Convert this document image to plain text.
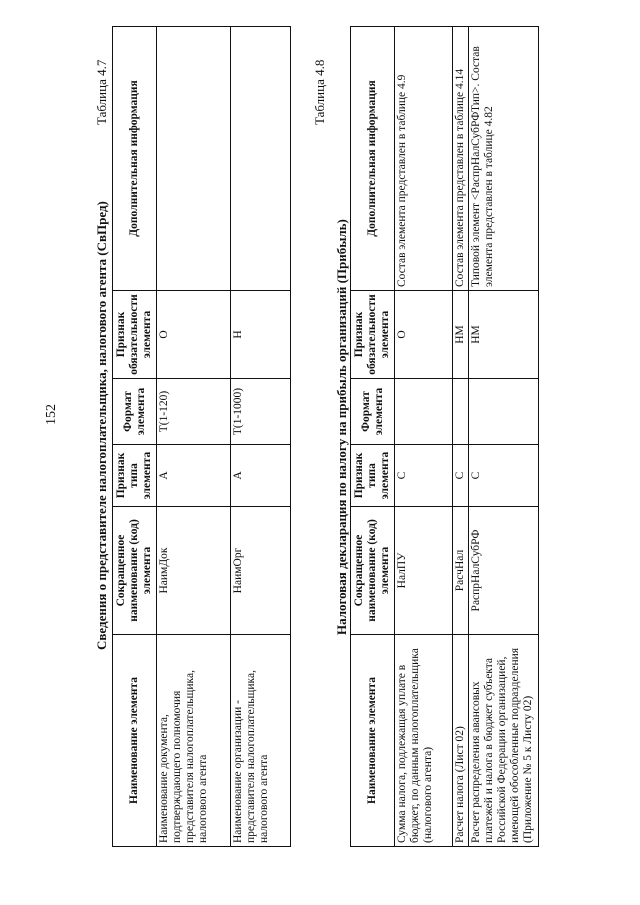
152
Таблица 4.7
Сведения о представителе налогоплательщика, налогового агента (СвПред)
Наименование элемента	Сокращенное наименование (код) элемента	Признак типа элемента	Формат элемента	Признак обязательности элемента	Дополнительная информация
Наименование документа, подтверждающего полномочия представителя налогоплательщика, налогового агента	НаимДок	А	Т(1-120)	О	
Наименование организации - представителя налогоплательщика, налогового агента	НаимОрг	А	Т(1-1000)	Н	
Таблица 4.8
Налоговая декларация по налогу на прибыль организаций (Прибыль)
Наименование элемента	Сокращенное наименование (код) элемента	Признак типа элемента	Формат элемента	Признак обязательности элемента	Дополнительная информация
Сумма налога, подлежащая уплате в бюджет, по данным налогоплательщика (налогового агента)	НалПУ	С		О	Состав элемента представлен в таблице 4.9
Расчет налога (Лист 02)	РасчНал	С		НМ	Состав элемента представлен в таблице 4.14
Расчет распределения авансовых платежей и налога в бюджет субъекта Российской Федерации организацией, имеющей обособленные подразделения (Приложение № 5 к Листу 02)	РаспрНалСубРФ	С		НМ	Типовой элемент <РаспрНалСубРФТип>. Состав элемента представлен в таблице 4.82
